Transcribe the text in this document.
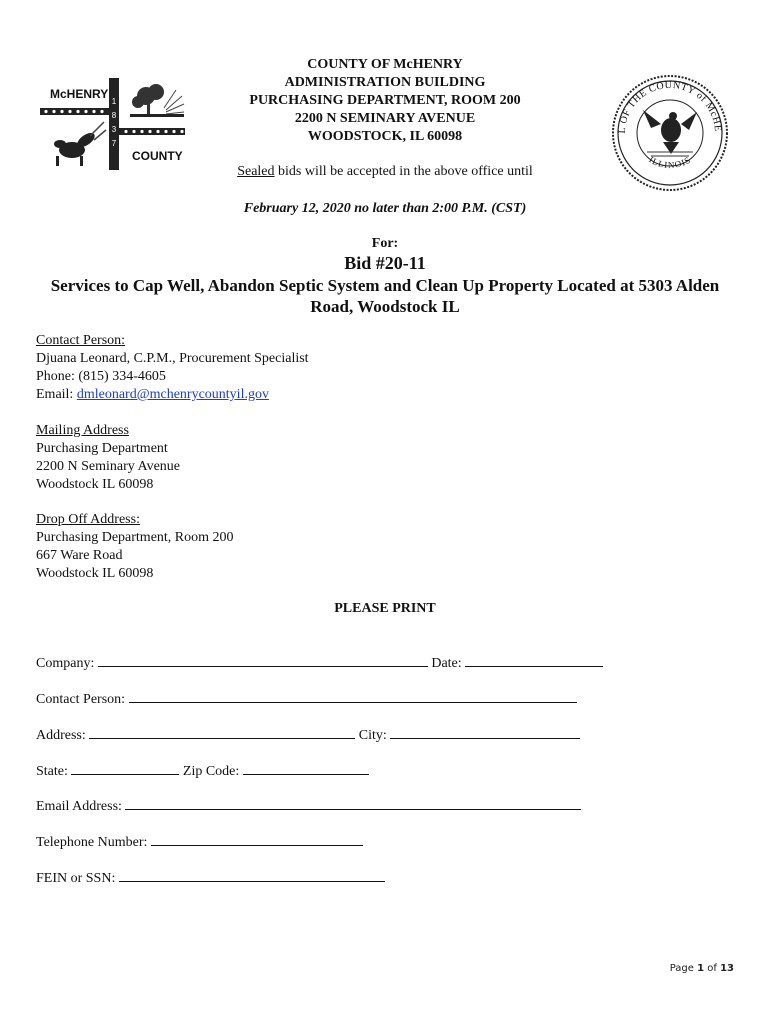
McHENRY
1
8
3
7
COUNTY
COUNTY OF McHENRY
ADMINISTRATION BUILDING
PURCHASING DEPARTMENT, ROOM 200
2200 N SEMINARY AVENUE
WOODSTOCK, IL 60098	L OF THE COUNTY of McHE
ILLINOIS
Sealed bids will be accepted in the above office until
February 12, 2020 no later than 2:00 P.M. (CST)
For:
Bid #20-11
Services to Cap Well, Abandon Septic System and Clean Up Property Located at 5303 Alden Road, Woodstock IL
Contact Person:
Djuana Leonard, C.P.M., Procurement Specialist
Phone: (815) 334-4605
Email: dmleonard@mchenrycountyil.gov
Mailing Address
Purchasing Department
2200 N Seminary Avenue
Woodstock IL 60098
Drop Off Address:
Purchasing Department, Room 200
667 Ware Road
Woodstock IL 60098
PLEASE PRINT
Company:	Date:
Contact Person:
Address:	City:
State:	Zip Code:
Email Address:
Telephone Number:
FEIN or SSN:
Page 1 of 13
